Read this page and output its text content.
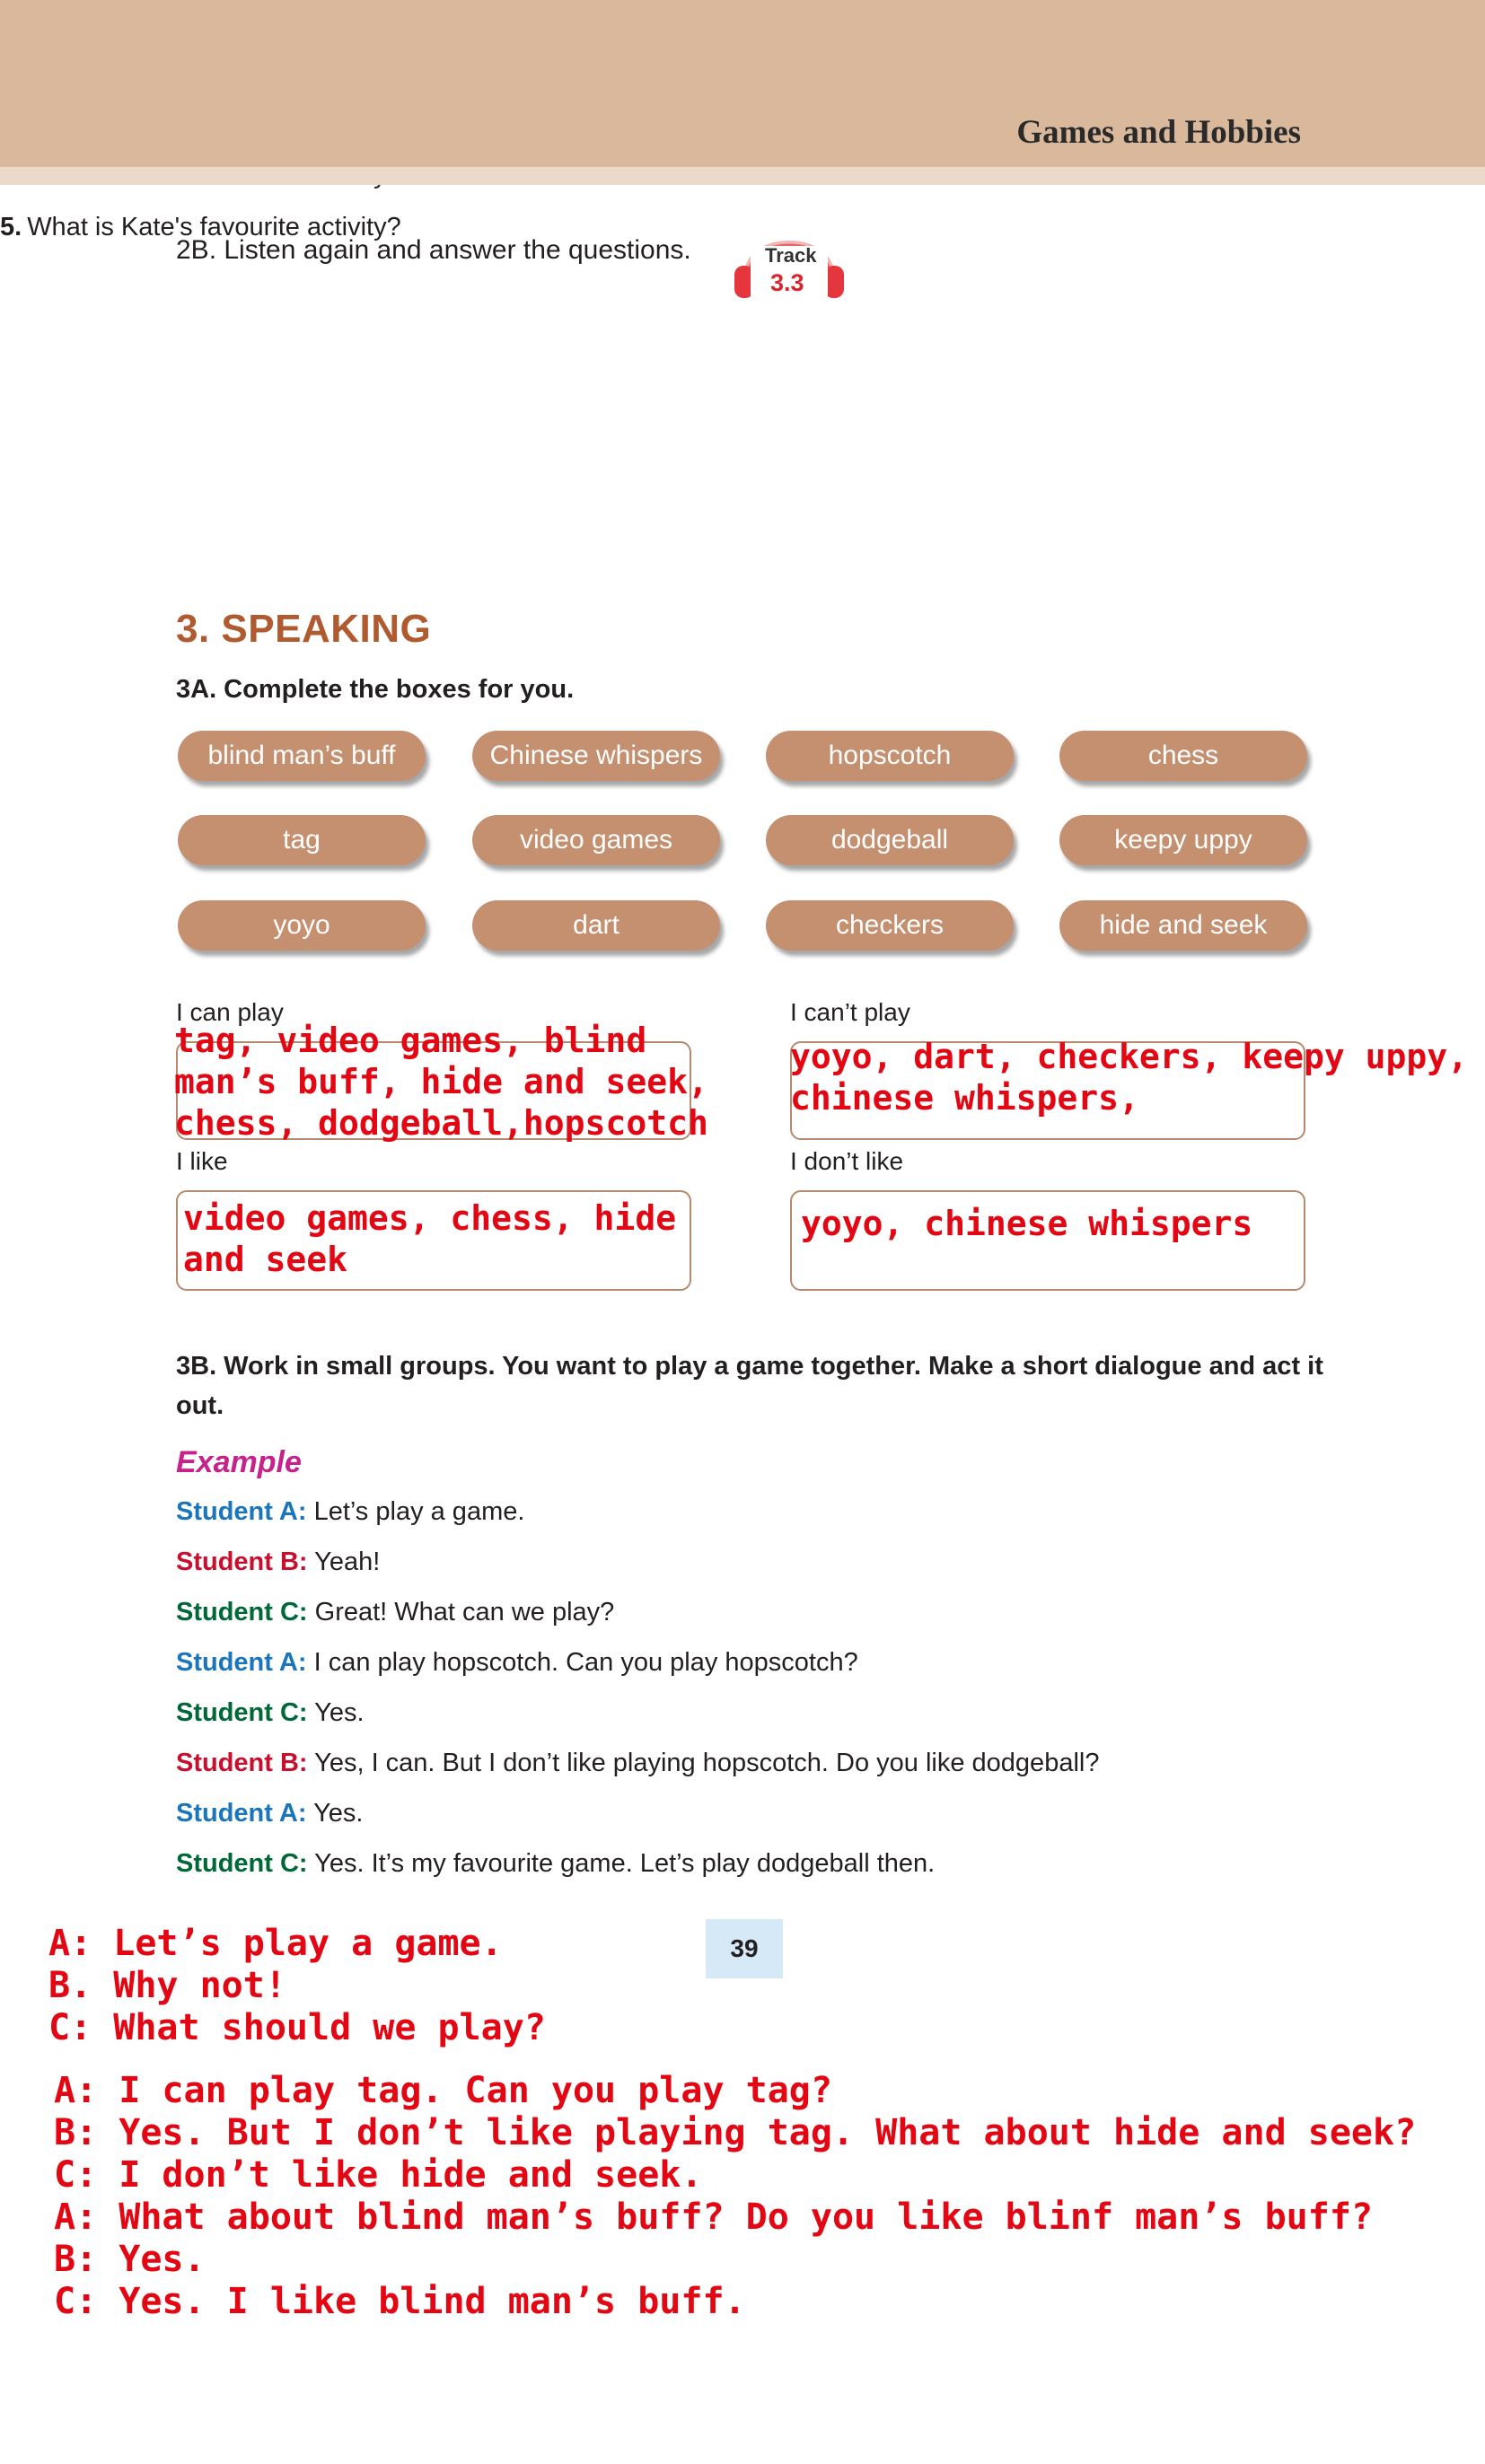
Games and Hobbies
2B. Listen again and answer the questions.	Track
3.3
5. What is Kate's favourite activity?
3. SPEAKING
3A. Complete the boxes for you.
blind man’s buff	Chinese whispers	hopscotch	chess
tag	video games	dodgeball	keepy uppy
yoyo	dart	checkers	hide and seek
I can play
tag, video games, blind
man’s buff, hide and seek,
chess, dodgeball,hopscotch
I can’t play
yoyo, dart, checkers, keepy uppy,
chinese whispers,
I like
video games, chess, hide
and seek
I don’t like
yoyo, chinese whispers
3B. Work in small groups. You want to play a game together. Make a short dialogue and act it out.
Example
Student A: Let’s play a game.
Student B: Yeah!
Student C: Great! What can we play?
Student A: I can play hopscotch. Can you play hopscotch?
Student C: Yes.
Student B: Yes, I can. But I don’t like playing hopscotch. Do you like dodgeball?
Student A: Yes.
Student C: Yes. It’s my favourite game. Let’s play dodgeball then.
39
A: Let’s play a game.
B. Why not!
C: What should we play?
A: I can play tag. Can you play tag?
B: Yes. But I don’t like playing tag. What about hide and seek?
C: I don’t like hide and seek.
A: What about blind man’s buff? Do you like blinf man’s buff?
B: Yes.
C: Yes. I like blind man’s buff.
